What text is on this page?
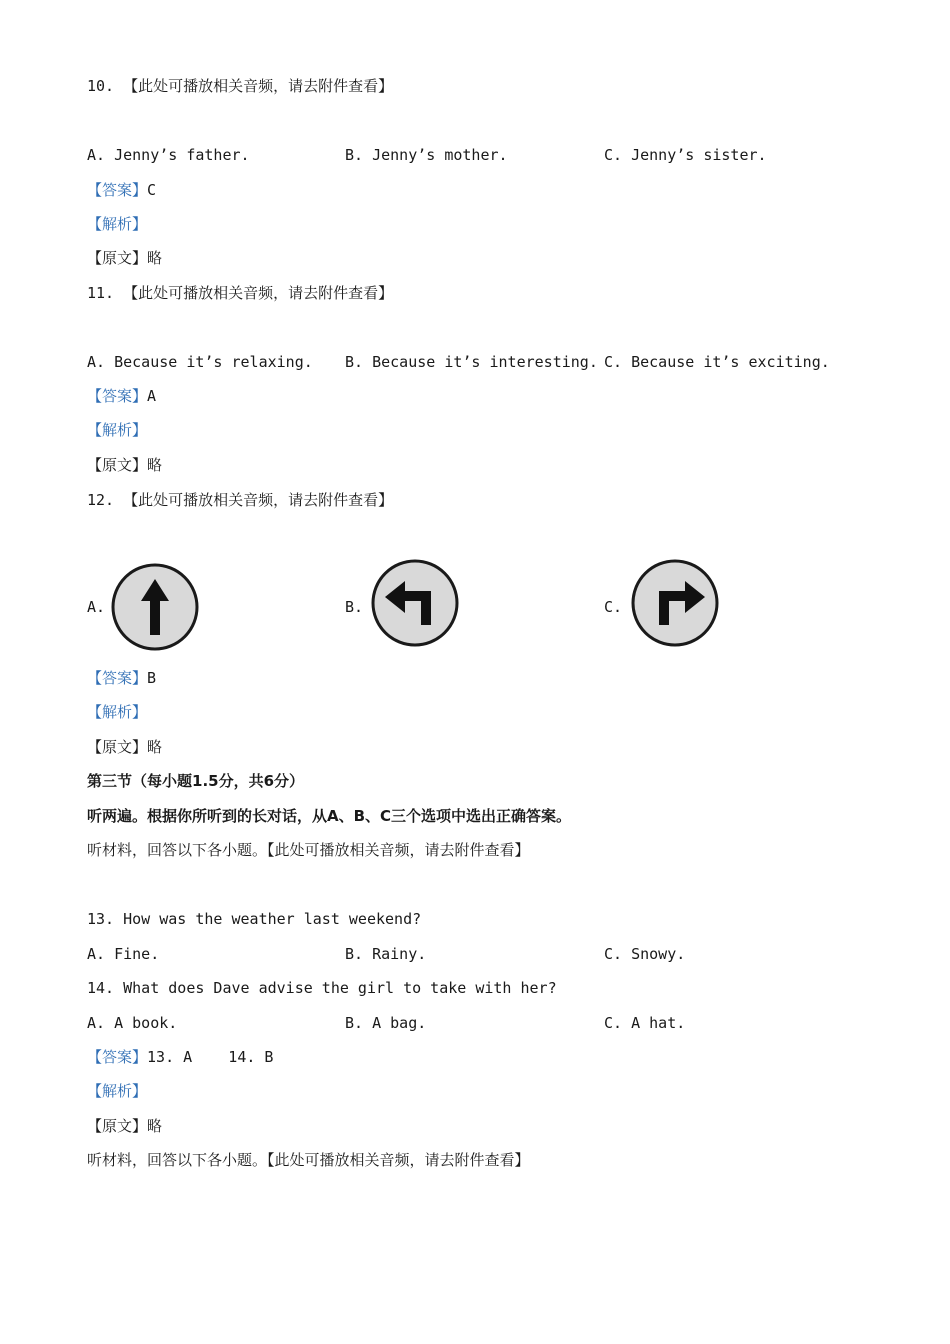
10. 【此处可播放相关音频，请去附件查看】
A. Jenny’s father.	B. Jenny’s mother.	C. Jenny’s sister.
【答案】C
【解析】
【原文】略
11. 【此处可播放相关音频，请去附件查看】
A. Because it’s relaxing. B. Because it’s interesting. C. Because it’s exciting.
【答案】A
【解析】
【原文】略
12. 【此处可播放相关音频，请去附件查看】
A.	B.	C.
【答案】B
【解析】
【原文】略
第三节（每小题1.5分，共6分）
听两遍。根据你所听到的长对话，从A、B、C三个选项中选出正确答案。
听材料，回答以下各小题。【此处可播放相关音频，请去附件查看】
13. How was the weather last weekend?
A. Fine.	B. Rainy.	C. Snowy.
14. What does Dave advise the girl to take with her?
A. A book.	B. A bag.	C. A hat.
【答案】13. A    14. B
【解析】
【原文】略
听材料，回答以下各小题。【此处可播放相关音频，请去附件查看】
